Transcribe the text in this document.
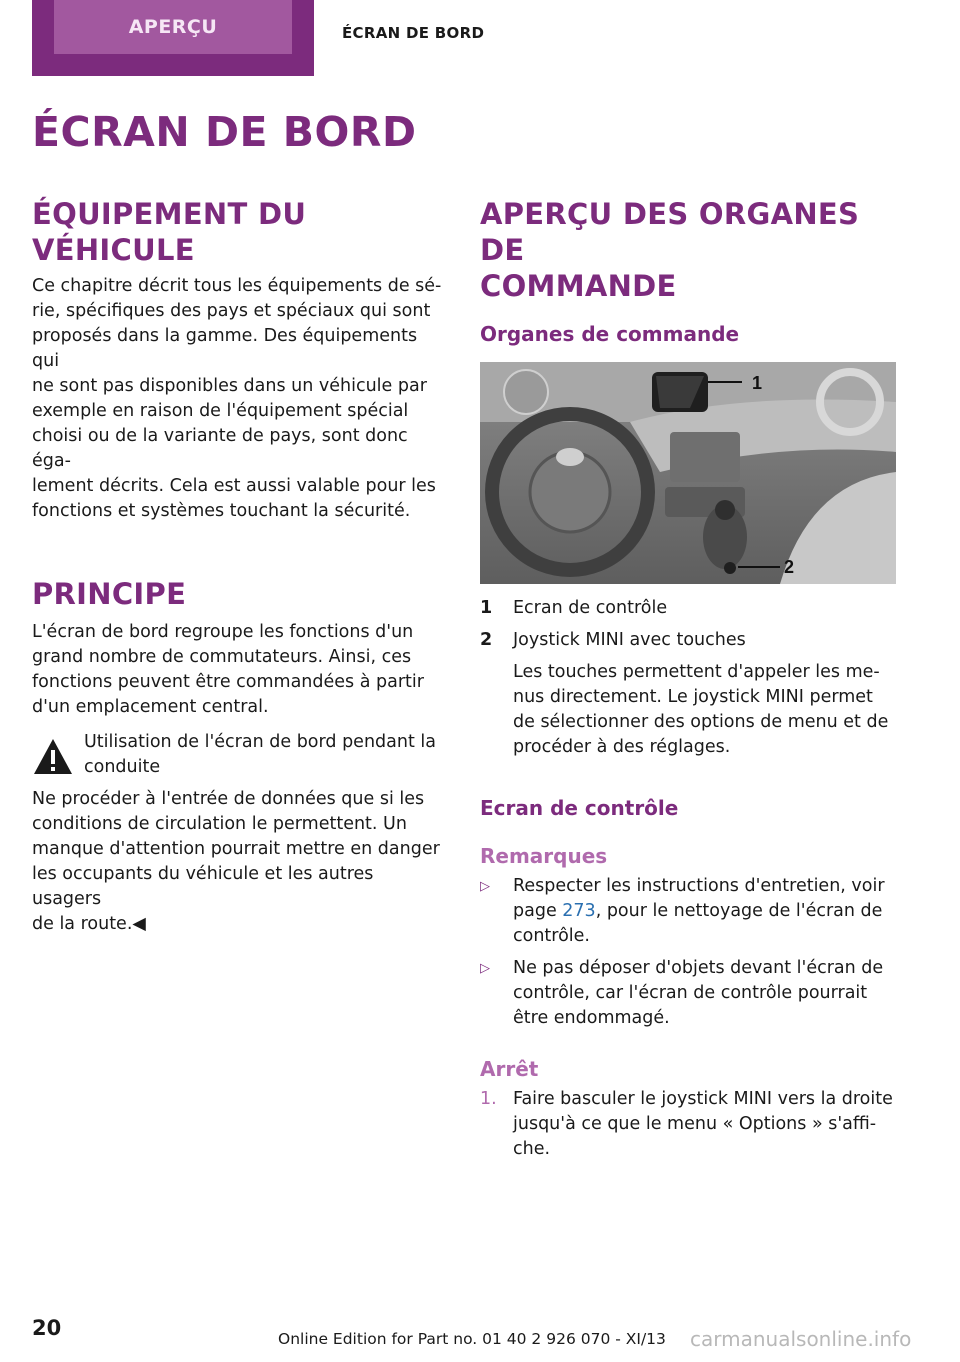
APERÇU	ÉCRAN DE BORD
ÉCRAN DE BORD
ÉQUIPEMENT DU VÉHICULE

Ce chapitre décrit tous les équipements de sé‐

rie, spécifiques des pays et spéciaux qui sont

proposés dans la gamme. Des équipements qui

ne sont pas disponibles dans un véhicule par

exemple en raison de l'équipement spécial

choisi ou de la variante de pays, sont donc éga‐

lement décrits. Cela est aussi valable pour les

fonctions et systèmes touchant la sécurité.

PRINCIPE

L'écran de bord regroupe les fonctions d'un

grand nombre de commutateurs. Ainsi, ces

fonctions peuvent être commandées à partir

d'un emplacement central.

Utilisation de l'écran de bord pendant la

conduite

Ne procéder à l'entrée de données que si les

conditions de circulation le permettent. Un

manque d'attention pourrait mettre en danger

les occupants du véhicule et les autres usagers

de la route.◀

APERÇU DES ORGANES DE
COMMANDE
Organes de commande
1
2
1	Ecran de contrôle
2	Joystick MINI avec touches

Les touches permettent d'appeler les me‐

nus directement. Le joystick MINI permet

de sélectionner des options de menu et de

procéder à des réglages.

Ecran de contrôle
Remarques
▷	Respecter les instructions d'entretien, voir
page 273, pour le nettoyage de l'écran de
contrôle.
▷	Ne pas déposer d'objets devant l'écran de
contrôle, car l'écran de contrôle pourrait
être endommagé.
Arrêt
1. Faire basculer le joystick MINI vers la droite
jusqu'à ce que le menu « Options » s'affi‐
che.
20	Online Edition for Part no. 01 40 2 926 070 - XI/13 carmanualsonline.info
